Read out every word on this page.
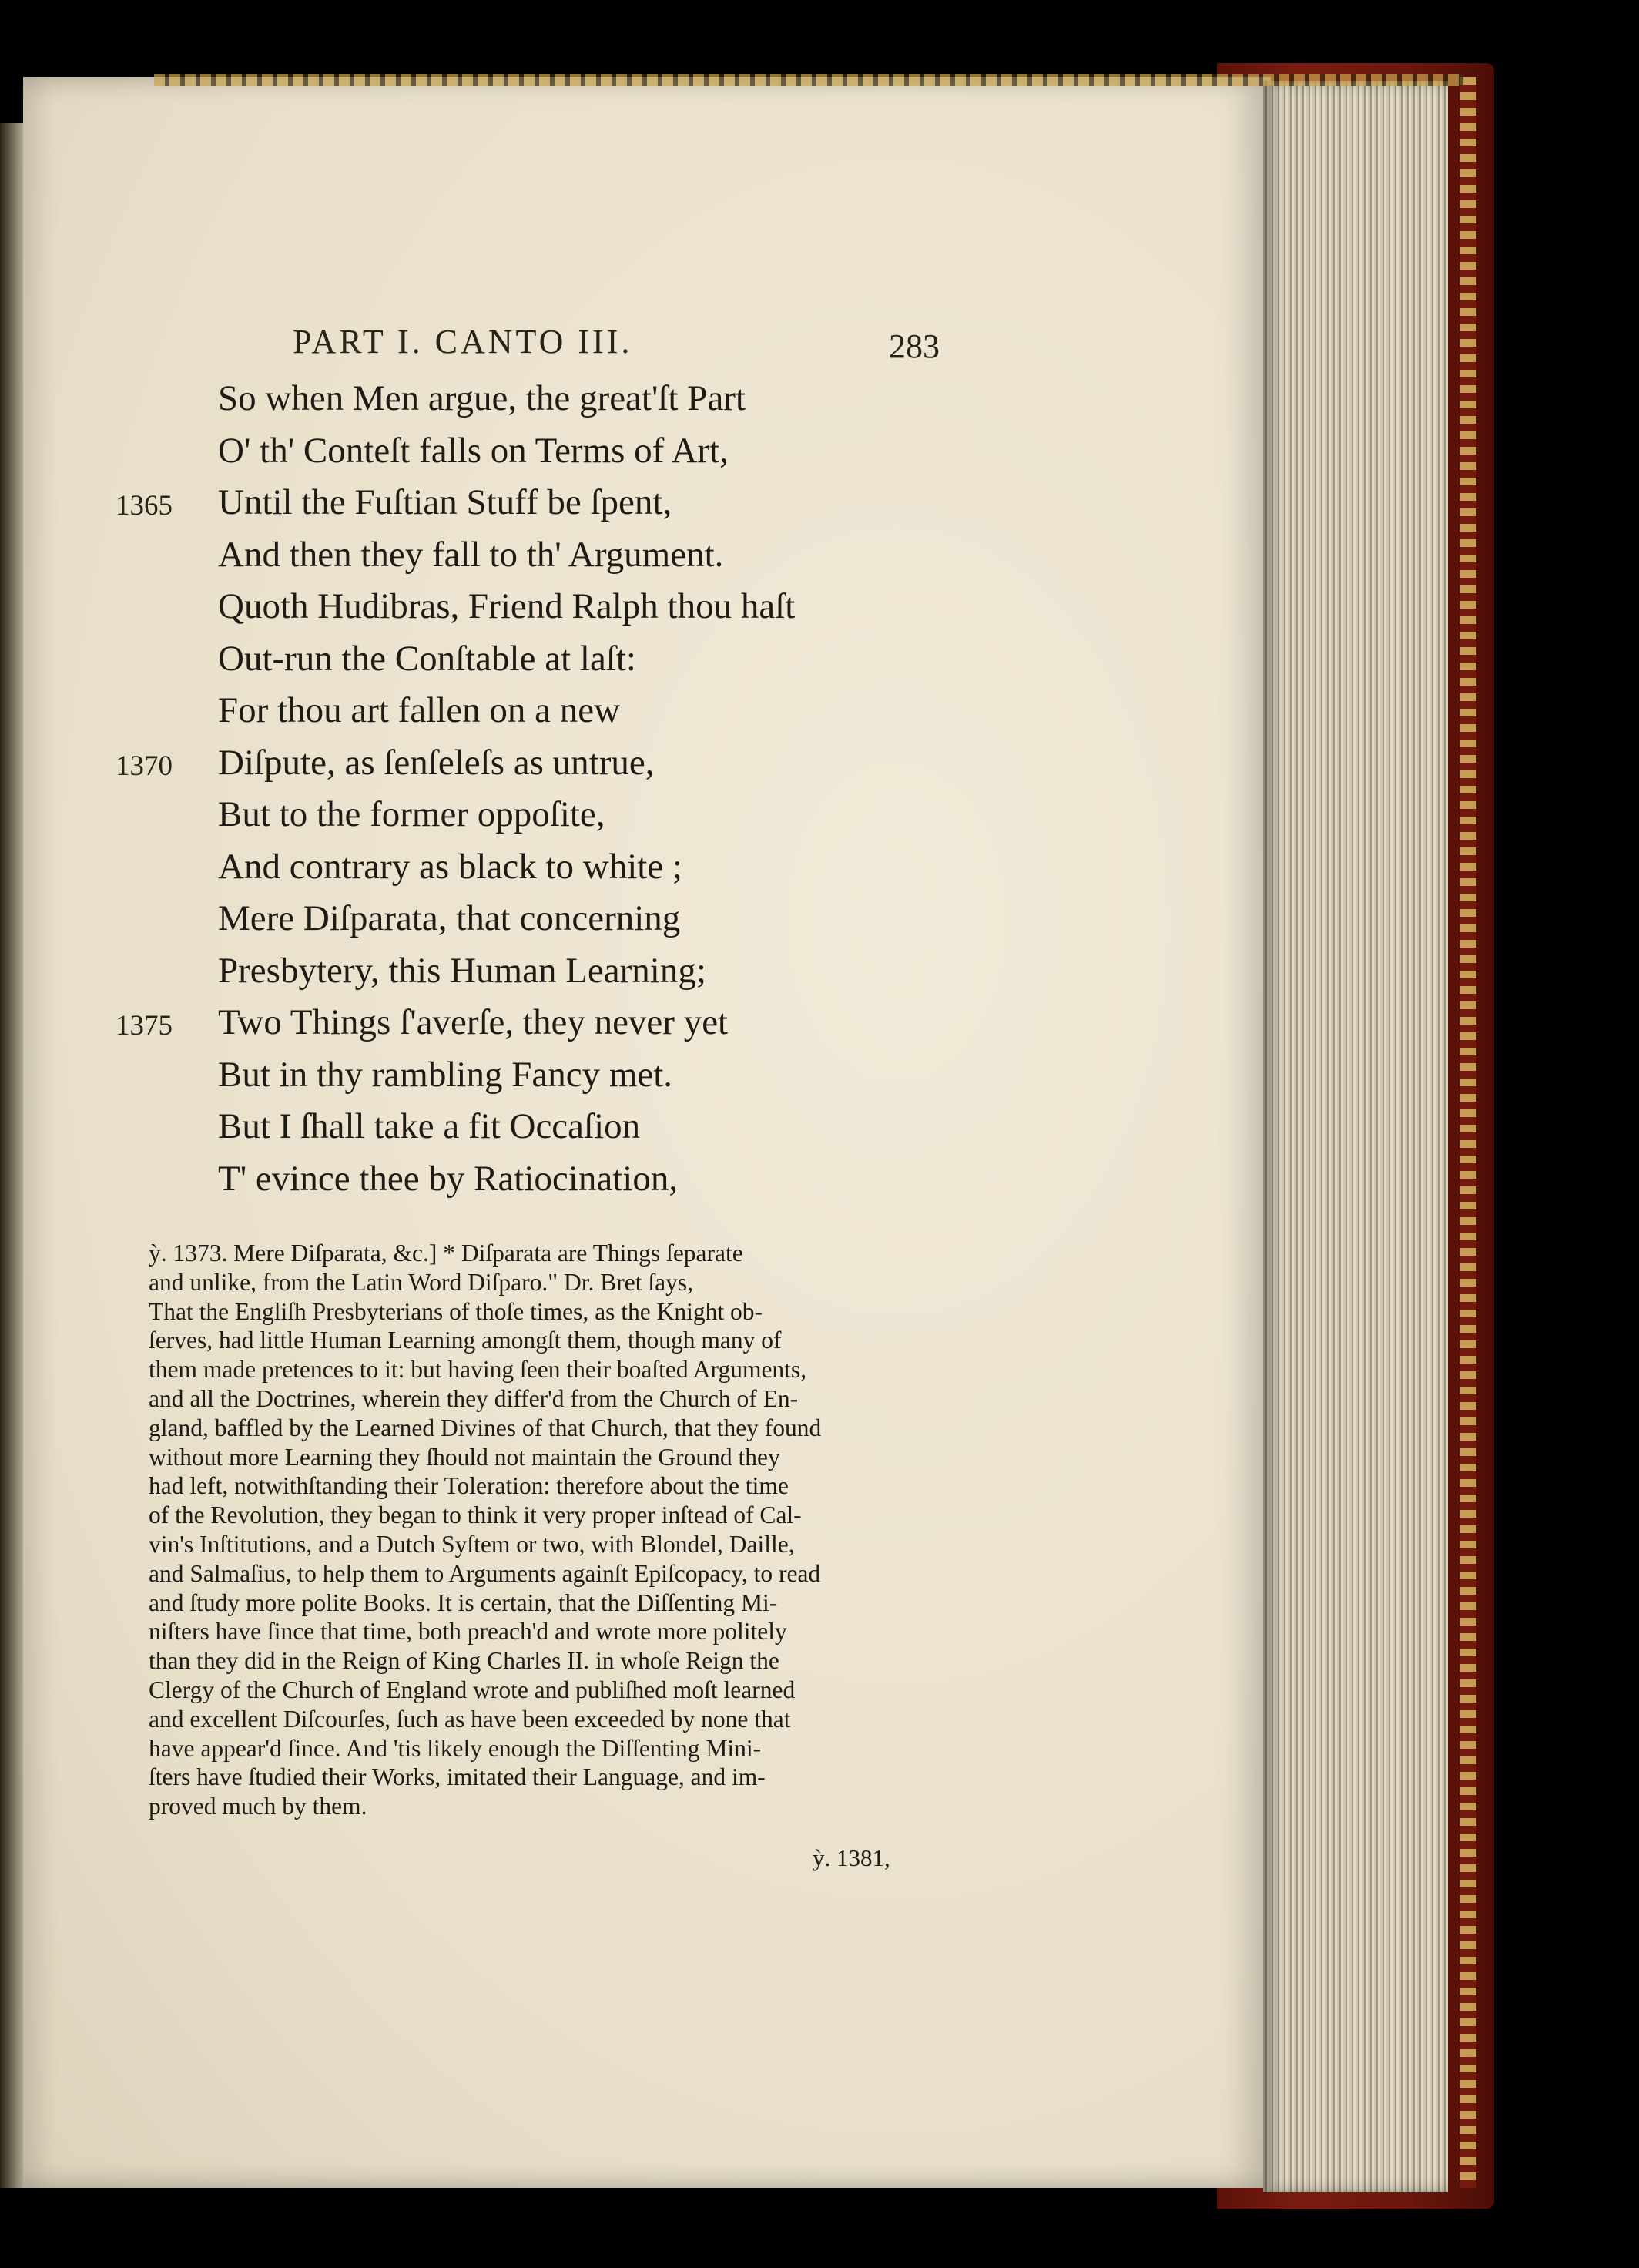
PART I. CANTO III.	283
So when Men argue, the great'ſt Part
O' th' Conteſt falls on Terms of Art,
1365 Until the Fuſtian Stuff be ſpent,
And then they fall to th' Argument.
Quoth Hudibras, Friend Ralph thou haſt
Out-run the Conſtable at laſt:
For thou art fallen on a new
1370 Diſpute, as ſenſeleſs as untrue,
But to the former oppoſite,
And contrary as black to white ;
Mere Diſparata, that concerning
Presbytery, this Human Learning;
1375 Two Things ſ'averſe, they never yet
But in thy rambling Fancy met.
But I ſhall take a fit Occaſion
T' evince thee by Ratiocination,
ỳ. 1373. Mere Diſparata, &c.] * Diſparata are Things ſeparate
and unlike, from the Latin Word Diſparo." Dr. Bret ſays,
That the Engliſh Presbyterians of thoſe times, as the Knight ob-
ſerves, had little Human Learning amongſt them, though many of
them made pretences to it: but having ſeen their boaſted Arguments,
and all the Doctrines, wherein they differ'd from the Church of En-
gland, baffled by the Learned Divines of that Church, that they found
without more Learning they ſhould not maintain the Ground they
had left, notwithſtanding their Toleration: therefore about the time
of the Revolution, they began to think it very proper inſtead of Cal-
vin's Inſtitutions, and a Dutch Syſtem or two, with Blondel, Daille,
and Salmaſius, to help them to Arguments againſt Epiſcopacy, to read
and ſtudy more polite Books. It is certain, that the Diſſenting Mi-
niſters have ſince that time, both preach'd and wrote more politely
than they did in the Reign of King Charles II. in whoſe Reign the
Clergy of the Church of England wrote and publiſhed moſt learned
and excellent Diſcourſes, ſuch as have been exceeded by none that
have appear'd ſince. And 'tis likely enough the Diſſenting Mini-
ſters have ſtudied their Works, imitated their Language, and im-
proved much by them.
ỳ. 1381,
